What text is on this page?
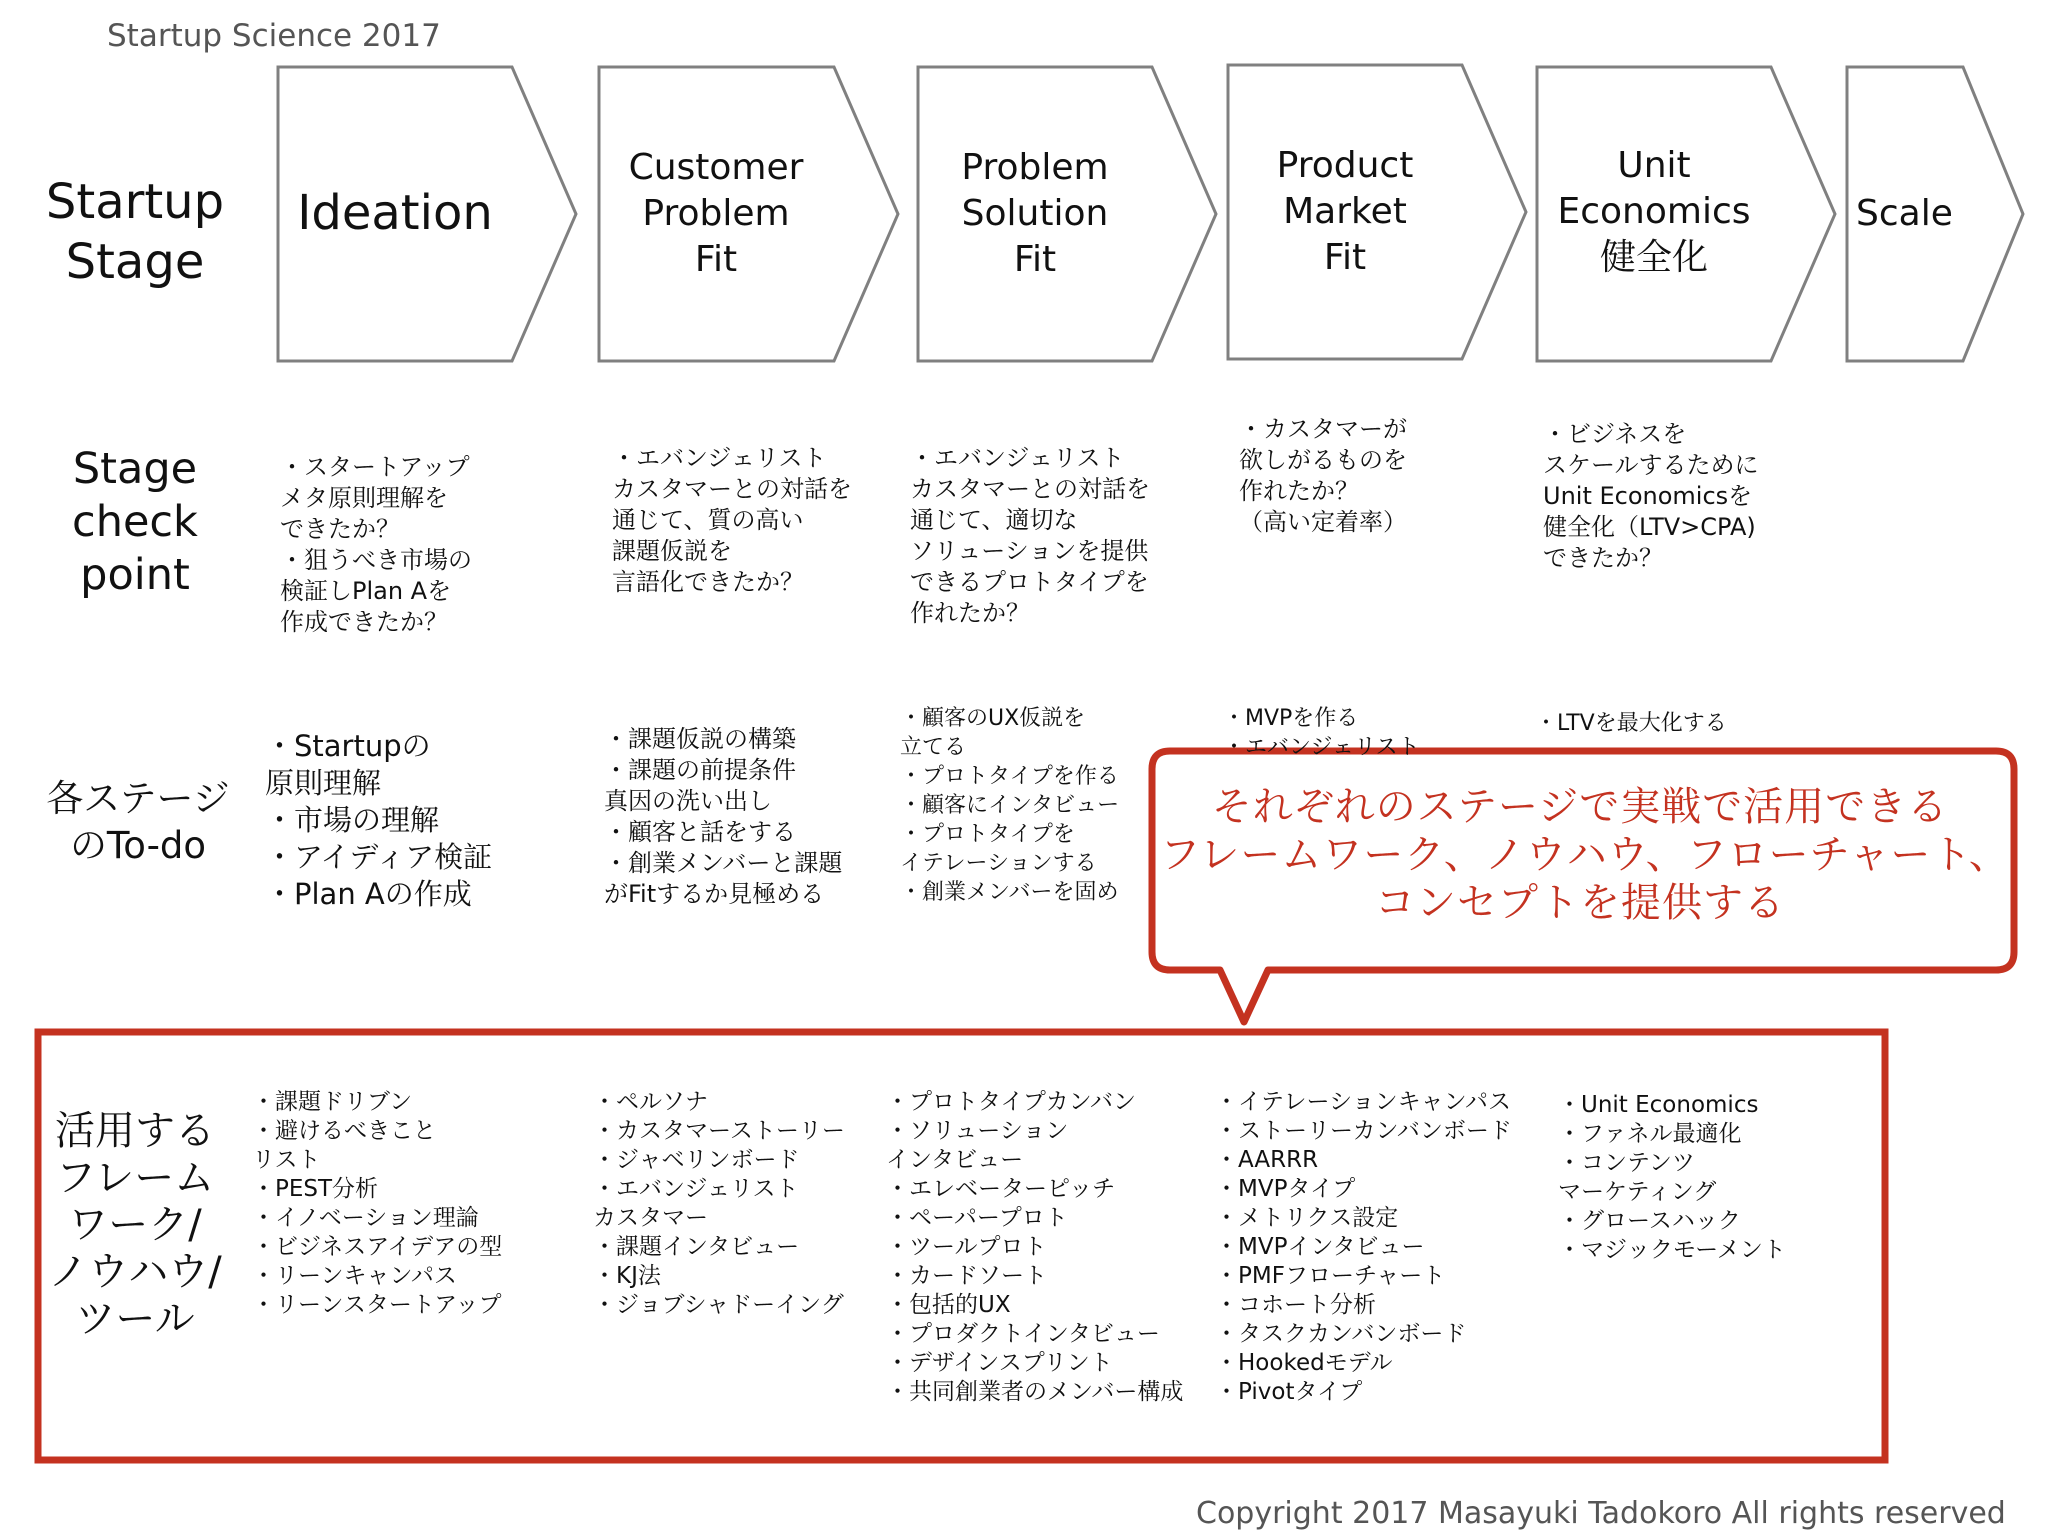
Startup Science 2017
Startup
Stage
Stage
check
point
各ステージ
のTo-do
活用する
フレーム
ワーク/
ノウハウ/
ツール
Ideation
Customer
Problem
Fit
Problem
Solution
Fit
Product
Market
Fit
Unit
Economics
健全化
Scale
・スタートアップ
メタ原則理解を
できたか？
・狙うべき市場の
検証しPlan Aを
作成できたか？
・エバンジェリスト
カスタマーとの対話を
通じて、質の高い
課題仮説を
言語化できたか？
・エバンジェリスト
カスタマーとの対話を
通じて、適切な
ソリューションを提供
できるプロトタイプを
作れたか？
・カスタマーが
欲しがるものを
作れたか？
（高い定着率）
・ビジネスを
スケールするために
Unit Economicsを
健全化（LTV>CPA)
できたか？
・Startupの
原則理解
・市場の理解
・アイディア検証
・Plan Aの作成
・課題仮説の構築
・課題の前提条件
真因の洗い出し
・顧客と話をする
・創業メンバーと課題
がFitするか見極める
・顧客のUX仮説を
立てる
・プロトタイプを作る
・顧客にインタビュー
・プロトタイプを
イテレーションする
・創業メンバーを固め
・MVPを作る
・エバンジェリスト
・LTVを最大化する
それぞれのステージで実戦で活用できる
フレームワーク、ノウハウ、フローチャート、
コンセプトを提供する
・課題ドリブン
・避けるべきこと
リスト
・PEST分析
・イノベーション理論
・ビジネスアイデアの型
・リーンキャンパス
・リーンスタートアップ
・ペルソナ
・カスタマーストーリー
・ジャベリンボード
・エバンジェリスト
カスタマー
・課題インタビュー
・KJ法
・ジョブシャドーイング
・プロトタイプカンバン
・ソリューション
インタビュー
・エレベーターピッチ
・ペーパープロト
・ツールプロト
・カードソート
・包括的UX
・プロダクトインタビュー
・デザインスプリント
・共同創業者のメンバー構成
・イテレーションキャンパス
・ストーリーカンバンボード
・AARRR
・MVPタイプ
・メトリクス設定
・MVPインタビュー
・PMFフローチャート
・コホート分析
・タスクカンバンボード
・Hookedモデル
・Pivotタイプ
・Unit Economics
・ファネル最適化
・コンテンツ
マーケティング
・グロースハック
・マジックモーメント
Copyright 2017 Masayuki Tadokoro All rights reserved
